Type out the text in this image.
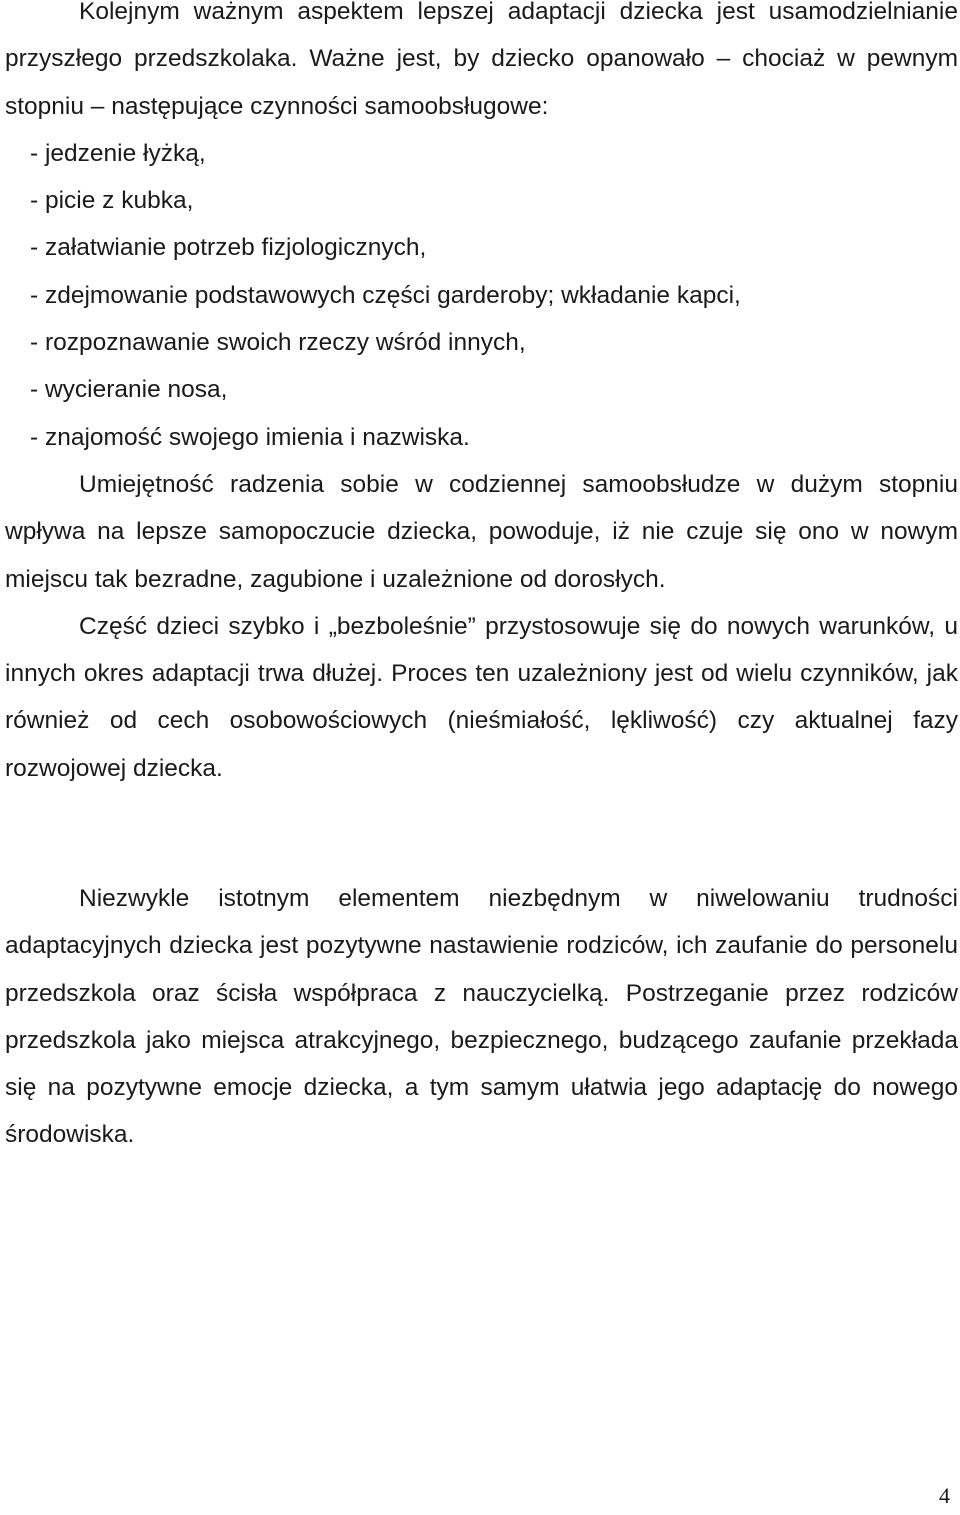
Kolejnym ważnym aspektem lepszej adaptacji dziecka jest usamodzielnianie przyszłego przedszkolaka. Ważne jest, by dziecko opanowało – chociaż w pewnym stopniu – następujące czynności samoobsługowe:

- jedzenie łyżką,
- picie z kubka,
- załatwianie potrzeb fizjologicznych,
- zdejmowanie podstawowych części garderoby; wkładanie kapci,
- rozpoznawanie swoich rzeczy wśród innych,
- wycieranie nosa,
- znajomość swojego imienia i nazwiska.

Umiejętność radzenia sobie w codziennej samoobsłudze w dużym stopniu wpływa na lepsze samopoczucie dziecka, powoduje, iż nie czuje się ono w nowym miejscu tak bezradne, zagubione i uzależnione od dorosłych.

Część dzieci szybko i „bezboleśnie” przystosowuje się do nowych warunków, u innych okres adaptacji trwa dłużej. Proces ten uzależniony jest od wielu czynników, jak również od cech osobowościowych (nieśmiałość, lękliwość) czy aktualnej fazy rozwojowej dziecka.

Niezwykle istotnym elementem niezbędnym w niwelowaniu trudności adaptacyjnych dziecka jest pozytywne nastawienie rodziców, ich zaufanie do personelu przedszkola oraz ścisła współpraca z nauczycielką. Postrzeganie przez rodziców przedszkola jako miejsca atrakcyjnego, bezpiecznego, budzącego zaufanie przekłada się na pozytywne emocje dziecka, a tym samym ułatwia jego adaptację do nowego środowiska.

4
